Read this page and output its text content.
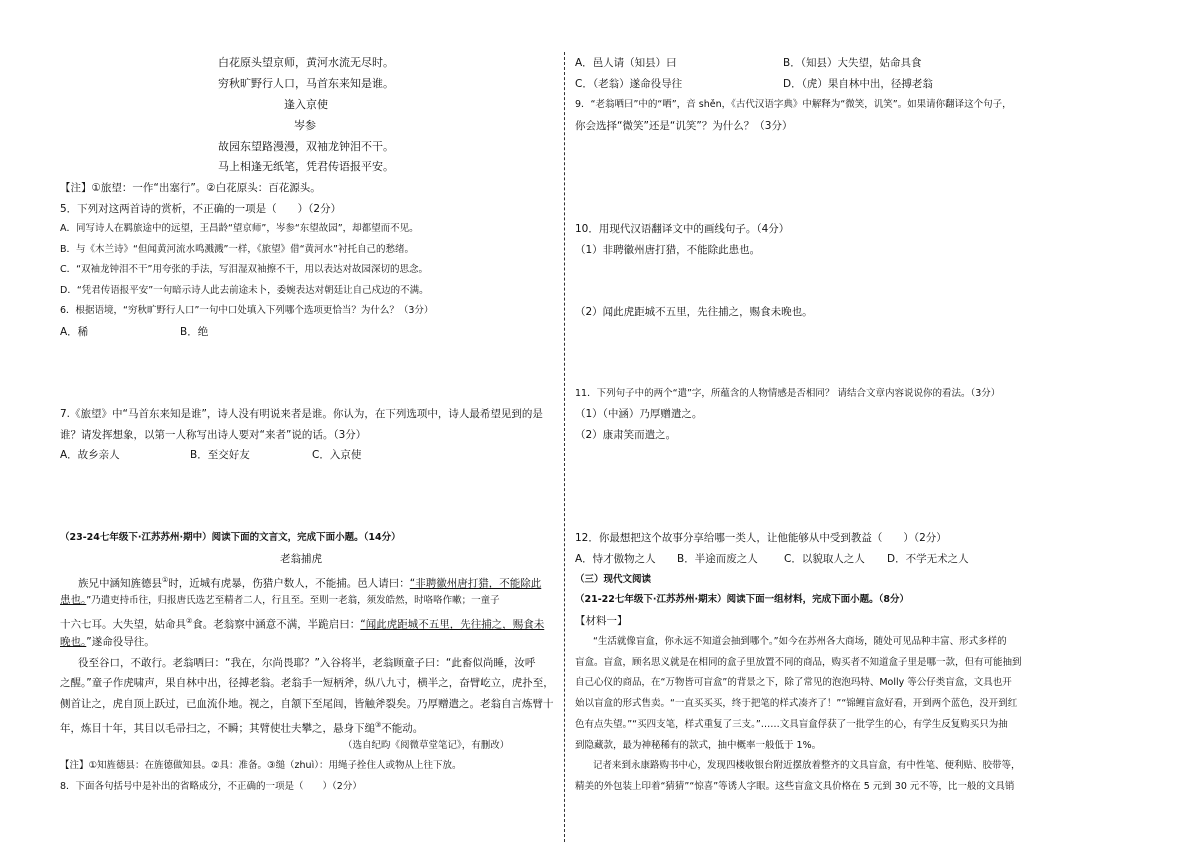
白花原头望京师，黄河水流无尽时。
穷秋旷野行人口，马首东来知是谁。
逢入京使
岑参
故园东望路漫漫，双袖龙钟泪不干。
马上相逢无纸笔，凭君传语报平安。
【注】①旅望：一作“出塞行”。②白花原头：百花源头。
5．下列对这两首诗的赏析，不正确的一项是（　　）（2分）
A．同写诗人在羁旅途中的远望，王昌龄“望京师”，岑参“东望故园”，却都望而不见。
B．与《木兰诗》“但闻黄河流水鸣溅溅”一样，《旅望》借“黄河水”衬托自己的愁绪。
C．“双袖龙钟泪不干”用夸张的手法，写泪湿双袖擦不干，用以表达对故园深切的思念。
D．“凭君传语报平安”一句暗示诗人此去前途未卜，委婉表达对朝廷让自己戍边的不满。
6．根据语境，“穷秋旷野行人口”一句中口处填入下列哪个选项更恰当？为什么？（3分）
A．稀	B．绝
7.《旅望》中“马首东来知是谁”，诗人没有明说来者是谁。你认为，在下列选项中，诗人最希望见到的是
谁？请发挥想象，以第一人称写出诗人要对“来者”说的话。（3分）
A．故乡亲人	B．至交好友	C．入京使
（23-24七年级下·江苏苏州·期中）阅读下面的文言文，完成下面小题。（14分）
老翁捕虎
族兄中涵知旌德县①时，近城有虎暴，伤猎户数人，不能捕。邑人请曰：“非聘徽州唐打猎，不能除此
患也。”乃遣吏持币往，归报唐氏选艺至精者二人，行且至。至则一老翁，须发皓然，时咯咯作嗽；一童子
十六七耳。大失望，姑命具②食。老翁察中涵意不满，半跪启曰：“闻此虎距城不五里，先往捕之，赐食未
晚也。”遂命役导往。
役至谷口，不敢行。老翁哂曰：“我在，尔尚畏耶？”入谷将半，老翁顾童子曰：“此畜似尚睡，汝呼
之醒。”童子作虎啸声，果自林中出，径搏老翁。老翁手一短柄斧，纵八九寸，横半之，奋臂屹立，虎扑至，
侧首让之，虎自顶上跃过，已血流仆地。视之，自颔下至尾闾，皆触斧裂矣。乃厚赠遣之。老翁自言炼臂十
年，炼目十年，其目以毛帚扫之，不瞬；其臂使壮夫攀之，悬身下缒③不能动。
（选自纪昀《阅微草堂笔记》，有删改）
【注】①知旌德县：在旌德做知县。②具：准备。③缒（zhuì）：用绳子拴住人或物从上往下放。
8．下面各句括号中是补出的省略成分，不正确的一项是（　　）（2分）
A．邑人请（知县）曰	B．（知县）大失望，姑命具食
C．（老翁）遂命役导往	D．（虎）果自林中出，径搏老翁
9．“老翁哂曰”中的“哂”，音 shěn，《古代汉语字典》中解释为“微笑，讥笑”。如果请你翻译这个句子，
你会选择“微笑”还是“讥笑”？为什么？（3分）
10．用现代汉语翻译文中的画线句子。（4分）
（1）非聘徽州唐打猎，不能除此患也。
（2）闻此虎距城不五里，先往捕之，赐食未晚也。
11．下列句子中的两个“遣”字，所蕴含的人物情感是否相同？ 请结合文章内容说说你的看法。（3分）
（1）（中涵）乃厚赠遣之。
（2）康肃笑而遣之。
12．你最想把这个故事分享给哪一类人，让他能够从中受到教益（　　）（2分）
A．恃才傲物之人 B．半途而废之人	C．以貌取人之人 D．不学无术之人
（三）现代文阅读
（21-22七年级下·江苏苏州·期末）阅读下面一组材料，完成下面小题。（8分）
【材料一】
“生活就像盲盒，你永远不知道会抽到哪个。”如今在苏州各大商场，随处可见品种丰富、形式多样的
盲盒。盲盒，顾名思义就是在相同的盒子里放置不同的商品，购买者不知道盒子里是哪一款，但有可能抽到
自己心仪的商品，在“万物皆可盲盒”的背景之下，除了常见的泡泡玛特、Molly 等公仔类盲盒，文具也开
始以盲盒的形式售卖。“一直买买买，终于把笔的样式凑齐了！”“锦鲤盲盒好看，开到两个蓝色，没开到红
色有点失望。”“买四支笔，样式重复了三支。”……文具盲盒俘获了一批学生的心，有学生反复购买只为抽
到隐藏款，最为神秘稀有的款式，抽中概率一般低于 1%。
记者来到永康路购书中心，发现四楼收银台附近摆放着整齐的文具盲盒，有中性笔、便利贴、胶带等，
精美的外包装上印着“猜猜”“惊喜”等诱人字眼。这些盲盒文具价格在 5 元到 30 元不等，比一般的文具销
